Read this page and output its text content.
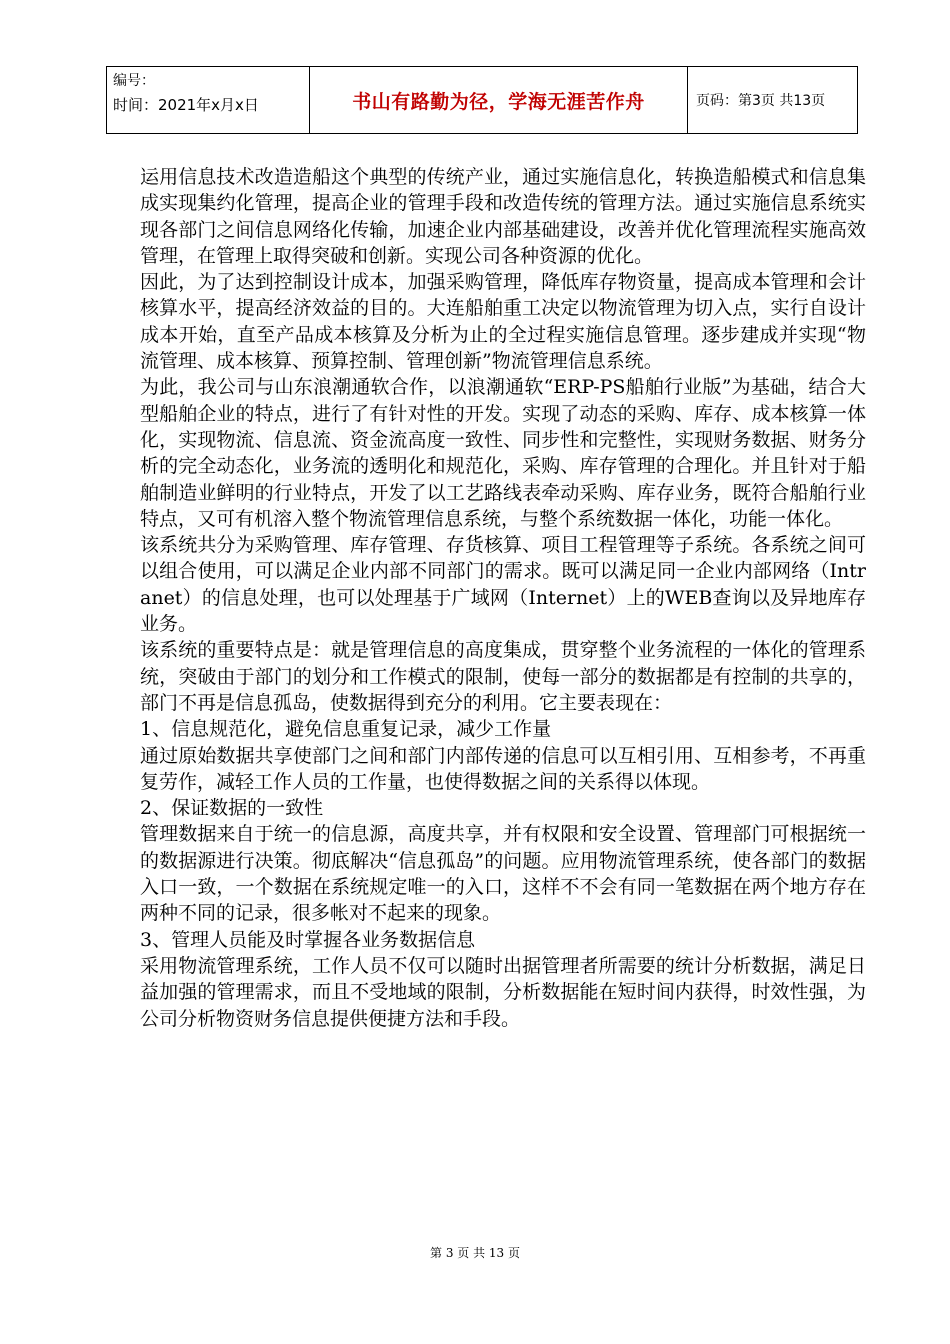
编号：
时间：2021年x月x日	书山有路勤为径，学海无涯苦作舟	页码：第3页 共13页

运用信息技术改造造船这个典型的传统产业，通过实施信息化，转换造船模式和信息集成实现集约化管理，提高企业的管理手段和改造传统的管理方法。通过实施信息系统实现各部门之间信息网络化传输，加速企业内部基础建设，改善并优化管理流程实施高效管理，在管理上取得突破和创新。实现公司各种资源的优化。

因此，为了达到控制设计成本，加强采购管理，降低库存物资量，提高成本管理和会计核算水平，提高经济效益的目的。大连船舶重工决定以物流管理为切入点，实行自设计成本开始，直至产品成本核算及分析为止的全过程实施信息管理。逐步建成并实现“物流管理、成本核算、预算控制、管理创新”物流管理信息系统。

为此，我公司与山东浪潮通软合作，以浪潮通软“ERP-PS船舶行业版”为基础，结合大型船舶企业的特点，进行了有针对性的开发。实现了动态的采购、库存、成本核算一体化，实现物流、信息流、资金流高度一致性、同步性和完整性，实现财务数据、财务分析的完全动态化，业务流的透明化和规范化，采购、库存管理的合理化。并且针对于船舶制造业鲜明的行业特点，开发了以工艺路线表牵动采购、库存业务，既符合船舶行业特点，又可有机溶入整个物流管理信息系统，与整个系统数据一体化，功能一体化。

该系统共分为采购管理、库存管理、存货核算、项目工程管理等子系统。各系统之间可以组合使用，可以满足企业内部不同部门的需求。既可以满足同一企业内部网络（Intranet）的信息处理，也可以处理基于广域网（Internet）上的WEB查询以及异地库存业务。

该系统的重要特点是：就是管理信息的高度集成，贯穿整个业务流程的一体化的管理系统，突破由于部门的划分和工作模式的限制，使每一部分的数据都是有控制的共享的，部门不再是信息孤岛，使数据得到充分的利用。它主要表现在：

1、信息规范化，避免信息重复记录，减少工作量

通过原始数据共享使部门之间和部门内部传递的信息可以互相引用、互相参考，不再重复劳作，减轻工作人员的工作量，也使得数据之间的关系得以体现。

2、保证数据的一致性

管理数据来自于统一的信息源，高度共享，并有权限和安全设置、管理部门可根据统一的数据源进行决策。彻底解决“信息孤岛”的问题。应用物流管理系统，使各部门的数据入口一致，一个数据在系统规定唯一的入口，这样不不会有同一笔数据在两个地方存在两种不同的记录，很多帐对不起来的现象。

3、管理人员能及时掌握各业务数据信息

采用物流管理系统，工作人员不仅可以随时出据管理者所需要的统计分析数据，满足日益加强的管理需求，而且不受地域的限制，分析数据能在短时间内获得，时效性强，为公司分析物资财务信息提供便捷方法和手段。

第 3 页 共 13 页
